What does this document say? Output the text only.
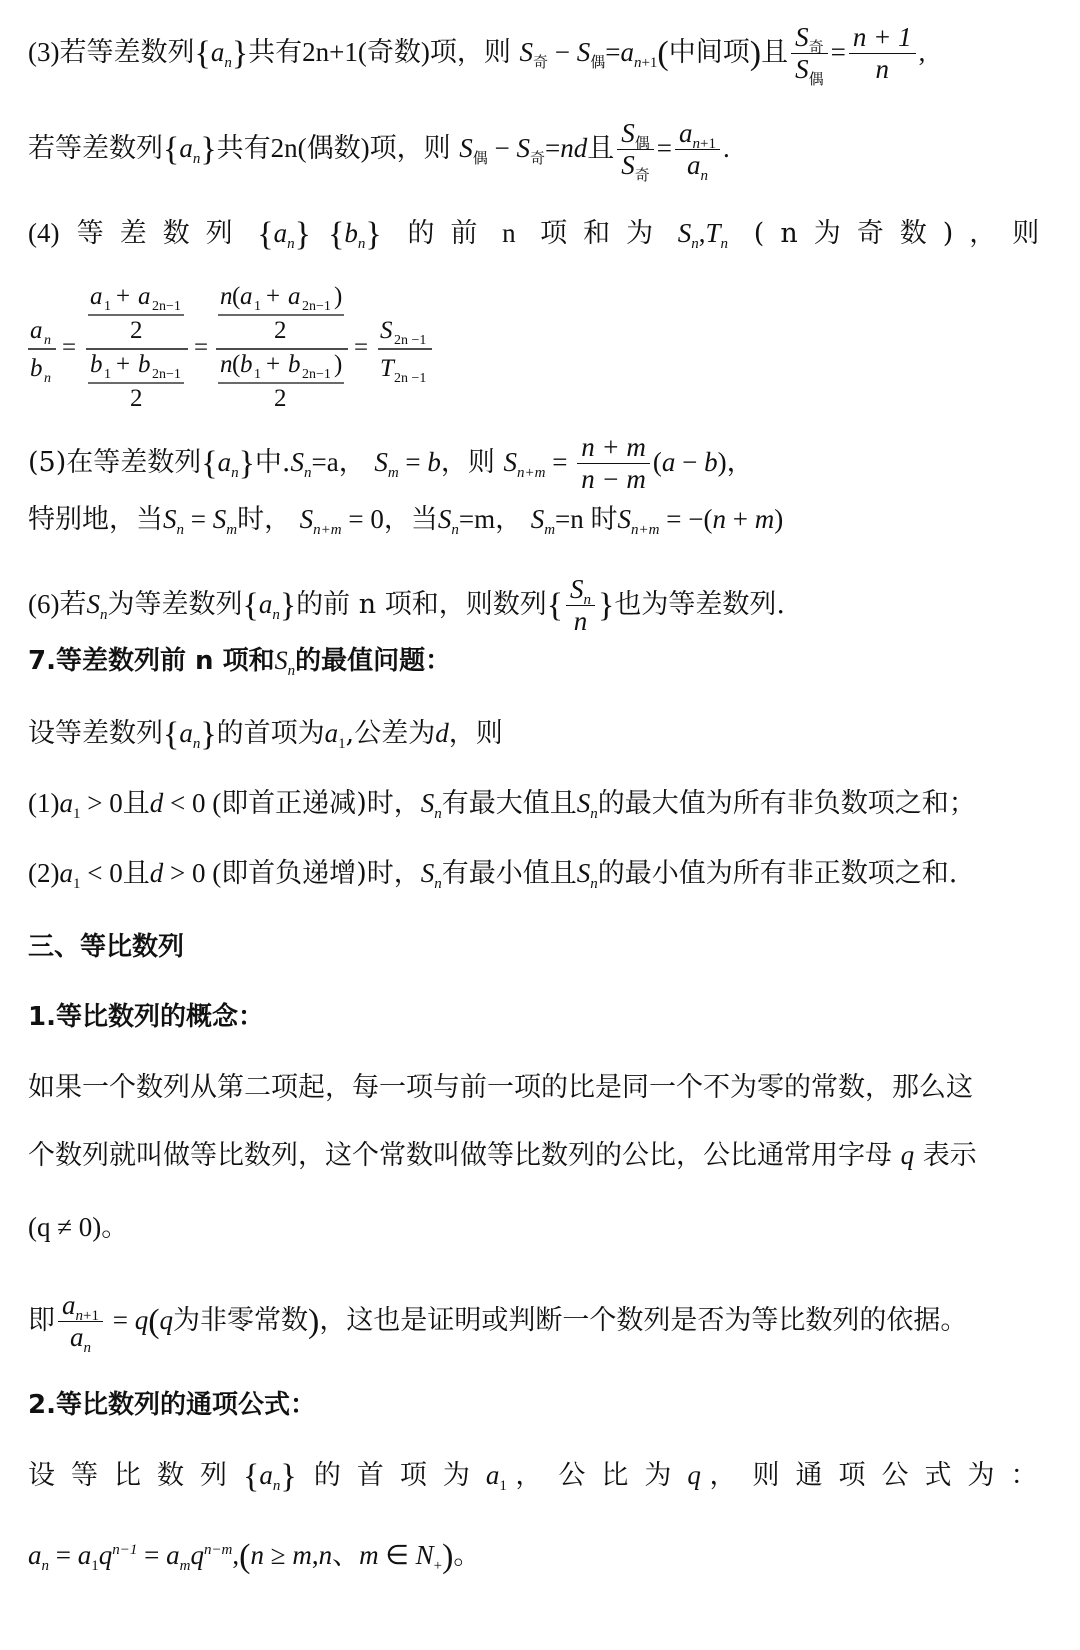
(3)若等差数列$\{a_n\}$共有2n+1(奇数)项，则 $S_奇 - S_偶=a_{n+1}$(中间项)且 $\frac{S_奇}{S_偶} = \frac{n + 1}{n}$ ,
若等差数列$\{a_n\}$共有2n(偶数)项，则 $S_偶 - S_奇=nd$且 $\frac{S_偶}{S_奇} = \frac{a_{n+1}}{a_n}$ .
(4) 等差数列 $\{a_n\}$ $\{b_n\}$ 的前 n 项和为 $S_n,T_n$ (n为奇数)，则
a n
b n
=
a 1 + a 2n−1
2
b 1 + b 2n−1
2
=
n ( a 1 + a 2n−1 )
2
n ( b 1 + b 2n−1 )
2
=
S 2n −1
T 2n −1
(5)在等差数列$\{a_n\}$中$.S_n=a$， $S_m = b$，则 $S_{n+m} = \frac{n + m}{n - m} (a - b)$，
特别地，当$S_n = S_m$时， $S_{n+m} = 0$，当$S_n=m$， $S_m=n$ 时$S_{n+m} = -(n + m)$
(6)若$S_n$为等差数列$\{a_n\}$的前 n 项和，则数列{ $\frac{S_n}{n}$ }也为等差数列.
7.等差数列前 n 项和$S_n$的最值问题：
设等差数列$\{a_n\}$的首项为$a_1$,公差为d，则
$(1)a_1 > 0$且d < 0 (即首正递减)时，$S_n$有最大值且$S_n$的最大值为所有非负数项之和；
$(2)a_1 < 0$且d > 0 (即首负递增)时，$S_n$有最小值且$S_n$的最小值为所有非正数项之和.
三、等比数列
1.等比数列的概念：
如果一个数列从第二项起，每一项与前一项的比是同一个不为零的常数，那么这
个数列就叫做等比数列，这个常数叫做等比数列的公比，公比通常用字母 q 表示
(q ≠ 0)。
即 $\frac{a_{n+1}}{a_n} = q(q$为非零常数)，这也是证明或判断一个数列是否为等比数列的依据。
2.等比数列的通项公式：
设等比数列$\{a_n\}$ 的首项为$a_1$ ，公比为q ，则通项公式为：
$a_n = a_1q^{n-1} = a_mq^{n-m},(n \ge m,n$、m ∈ $N_+$)。
